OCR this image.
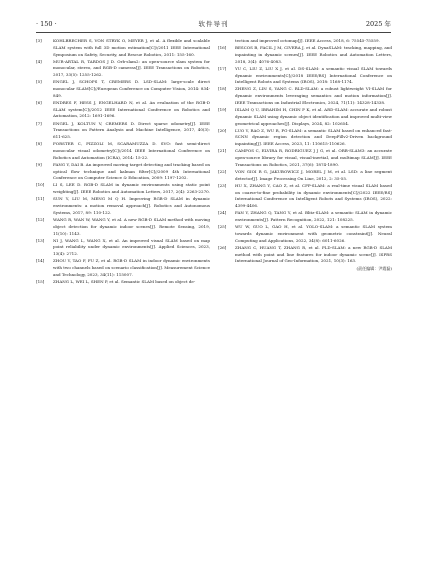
· 150 ·	软件导刊	2025 年
[3]	KOHLBRECHER S, VON STRYK O, MEYER J, et al. A flexible and scalable SLAM system with full 3D motion estimation[C]//2011 IEEE International Symposium on Safety, Security, and Rescue Robotics, 2011: 155-160.
[4]	MUR-ARTAL R, TARDOS J D. Orb-slam2: an open-source slam system for monocular, stereo, and RGB-D cameras[J]. IEEE Transactions on Robotics, 2017, 33(5): 1255-1262.
[5]	ENGEL J, SCHOPS T, CREMERS D. LSD-SLAM: large-scale direct monocular SLAM[C]//European Conference on Computer Vision, 2014: 834-849.
[6]	ENDRES F, HESS J, ENGELHARD N, et al. An evaluation of the RGB-D SLAM system[C]//2012 IEEE International Conference on Robotics and Automation, 2012: 1691-1696.
[7]	ENGEL J, KOLTUN V, CREMERS D. Direct sparse odometry[J]. IEEE Transactions on Pattern Analysis and Machine Intelligence, 2017, 40(3): 611-625.
[8]	FORSTER C, PIZZOLI M, SCARAMUZZA D. SVO: fast semi-direct monocular visual odometry[C]//2014 IEEE International Conference on Robotics and Automation (ICRA), 2014: 15-22.
[9]	FANG Y, DAI B. An improved moving target detecting and tracking based on optical flow technique and kalman filter[C]//2009 4th International Conference on Computer Science & Education, 2009: 1197-1202.
[10]	LI S, LEE D. RGB-D SLAM in dynamic environments using static point weighting[J]. IEEE Robotics and Automation Letters, 2017, 2(4): 2263-2270.
[11]	SUN Y, LIU M, MENG M Q H. Improving RGB-D SLAM in dynamic environments: a motion removal approach[J]. Robotics and Autonomous Systems, 2017, 89: 110-122.
[12]	WANG R, WAN W, WANG Y, et al. A new RGB-D SLAM method with moving object detection for dynamic indoor scenes[J]. Remote Sensing, 2019, 11(10): 1143.
[13]	NI J, WANG L, WANG X, et al. An improved visual SLAM based on map point reliability under dynamic environments[J]. Applied Sciences, 2023, 13(4): 2712.
[14]	ZHOU Y, TAO F, FU Z, et al. RGB-D SLAM in indoor dynamic environments with two channels based on scenario classification[J]. Measurement Science and Technology, 2023, 34(11): 115007.
[15]	ZHANG L, WEI L, SHEN P, et al. Semantic SLAM based on object de-
tection and improved octomap[J]. IEEE Access, 2018, 6: 75545-75559.
[16]	BESCOS B, FACIL J M, CIVERA J, et al. DynaSLAM: tracking, mapping, and inpainting in dynamic scenes[J]. IEEE Robotics and Automation Letters, 2018, 3(4): 4076-4083.
[17]	YU C, LIU Z, LIU X J, et al. DS-SLAM: a semantic visual SLAM towards dynamic environments[C]//2018 IEEE/RSJ International Conference on Intelligent Robots and Systems (IROS), 2018: 1168-1174.
[18]	ZHENG Z, LIN S, YANG C. RLD-SLAM: a robust lightweight VI-SLAM for dynamic environments leveraging semantics and motion information[J]. IEEE Transactions on Industrial Electronics, 2024, 71(11): 14328-14338.
[19]	ISLAM Q U, IBRAHIM H, CHIN P K, et al. ARD-SLAM: accurate and robust dynamic SLAM using dynamic object identification and improved multi-view geometrical approaches[J]. Displays, 2024, 82: 102654.
[20]	LUO Y, RAO Z, WU R, FG-SLAM: a semantic SLAM based on enhanced fast-SCNN dynamic region detection and DeepFillv2-Driven background inpainting[J]. IEEE Access, 2023, 11: 110615-110626.
[21]	CAMPOS C, ELVIRA R, RODRIGUEZ J J G, et al. ORB-SLAM3: an accurate open-source library for visual, visual-inertial, and multimap SLAM[J]. IEEE Transactions on Robotics, 2021, 37(6): 1874-1890.
[22]	VON GIOI R G, JAKUBOWICZ J, MOREL J M, et al. LSD: a line segment detector[J]. Image Processing On Line, 2012, 2: 35-55.
[23]	HU X, ZHANG Y, CAO Z, et al. CFP-SLAM: a real-time visual SLAM based on coarse-to-fine probability in dynamic environments[C]//2022 IEEE/RSJ International Conference on Intelligent Robots and Systems (IROS), 2022: 4399-4406.
[24]	FAN Y, ZHANG Q, TANG Y, et al. Blitz-SLAM: a semantic SLAM in dynamic environments[J]. Pattern Recognition, 2022, 121: 108225.
[25]	WU W, GUO L, GAO H, et al. YOLO-SLAM: a semantic SLAM system towards dynamic environment with geometric constraint[J]. Neural Computing and Applications, 2022, 34(8): 6011-6026.
[26]	ZHANG C, HUANG T, ZHANG R, et al. PLD-SLAM: a new RGB-D SLAM method with point and line features for indoor dynamic scene[J]. ISPRS International Journal of Geo-Information, 2021, 10(3): 163.
(责任编辑：尹霞磊)
